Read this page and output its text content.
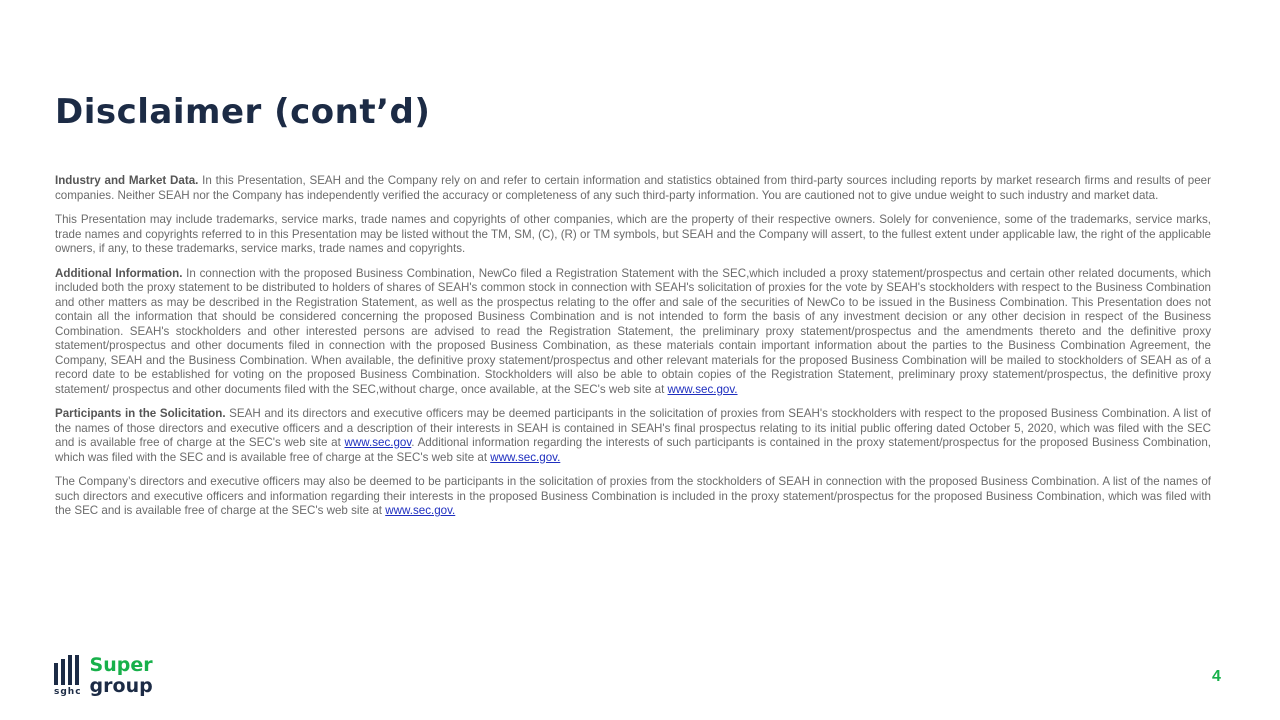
Disclaimer (cont’d)

Industry and Market Data. In this Presentation, SEAH and the Company rely on and refer to certain information and statistics obtained from third-party sources including reports by market research firms and results of peer companies. Neither SEAH nor the Company has independently verified the accuracy or completeness of any such third-party information. You are cautioned not to give undue weight to such industry and market data.

This Presentation may include trademarks, service marks, trade names and copyrights of other companies, which are the property of their respective owners. Solely for convenience, some of the trademarks, service marks, trade names and copyrights referred to in this Presentation may be listed without the TM, SM, (C), (R) or TM symbols, but SEAH and the Company will assert, to the fullest extent under applicable law, the right of the applicable owners, if any, to these trademarks, service marks, trade names and copyrights.

Additional Information. In connection with the proposed Business Combination, NewCo filed a Registration Statement with the SEC,which included a proxy statement/prospectus and certain other related documents, which included both the proxy statement to be distributed to holders of shares of SEAH's common stock in connection with SEAH's solicitation of proxies for the vote by SEAH's stockholders with respect to the Business Combination and other matters as may be described in the Registration Statement, as well as the prospectus relating to the offer and sale of the securities of NewCo to be issued in the Business Combination. This Presentation does not contain all the information that should be considered concerning the proposed Business Combination and is not intended to form the basis of any investment decision or any other decision in respect of the Business Combination. SEAH's stockholders and other interested persons are advised to read the Registration Statement, the preliminary proxy statement/prospectus and the amendments thereto and the definitive proxy statement/prospectus and other documents filed in connection with the proposed Business Combination, as these materials contain important information about the parties to the Business Combination Agreement, the Company, SEAH and the Business Combination. When available, the definitive proxy statement/prospectus and other relevant materials for the proposed Business Combination will be mailed to stockholders of SEAH as of a record date to be established for voting on the proposed Business Combination. Stockholders will also be able to obtain copies of the Registration Statement, preliminary proxy statement/prospectus, the definitive proxy statement/ prospectus and other documents filed with the SEC,without charge, once available, at the SEC's web site at www.sec.gov.

Participants in the Solicitation. SEAH and its directors and executive officers may be deemed participants in the solicitation of proxies from SEAH's stockholders with respect to the proposed Business Combination. A list of the names of those directors and executive officers and a description of their interests in SEAH is contained in SEAH's final prospectus relating to its initial public offering dated October 5, 2020, which was filed with the SEC and is available free of charge at the SEC's web site at www.sec.gov. Additional information regarding the interests of such participants is contained in the proxy statement/prospectus for the proposed Business Combination, which was filed with the SEC and is available free of charge at the SEC's web site at www.sec.gov.

The Company’s directors and executive officers may also be deemed to be participants in the solicitation of proxies from the stockholders of SEAH in connection with the proposed Business Combination. A list of the names of such directors and executive officers and information regarding their interests in the proposed Business Combination is included in the proxy statement/prospectus for the proposed Business Combination, which was filed with the SEC and is available free of charge at the SEC's web site at www.sec.gov.

sghc
Super
group	4
